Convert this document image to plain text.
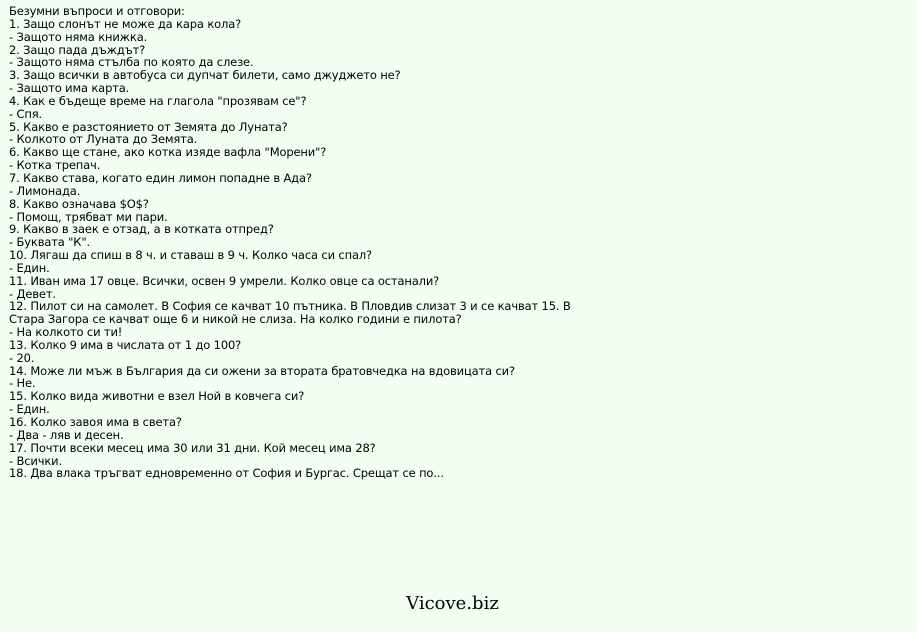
Безумни въпроси и отговори:
1. Защо слонът не може да кара кола?
- Защото няма книжка.
2. Защо пада дъждът?
- Защото няма стълба по която да слезе.
3. Защо всички в автобуса си дупчат билети, само джуджето не?
- Защото има карта.
4. Как е бъдеще време на глагола "прозявам се"?
- Спя.
5. Какво е разстоянието от Земята до Луната?
- Колкото от Луната до Земята.
6. Какво ще стане, ако котка изяде вафла "Морени"?
- Котка трепач.
7. Какво става, когато един лимон попадне в Ада?
- Лимонада.
8. Какво означава $О$?
- Помощ, трябват ми пари.
9. Какво в заек е отзад, а в котката отпред?
- Буквата "К".
10. Лягаш да спиш в 8 ч. и ставаш в 9 ч. Колко часа си спал?
- Един.
11. Иван има 17 овце. Всички, освен 9 умрели. Колко овце са останали?
- Девет.
12. Пилот си на самолет. В София се качват 10 пътника. В Пловдив слизат 3 и се качват 15. В
Стара Загора се качват още 6 и никой не слиза. На колко години е пилота?
- На колкото си ти!
13. Колко 9 има в числата от 1 до 100?
- 20.
14. Може ли мъж в България да си ожени за втората братовчедка на вдовицата си?
- Не.
15. Колко вида животни е взел Ной в ковчега си?
- Един.
16. Колко завоя има в света?
- Два - ляв и десен.
17. Почти всеки месец има 30 или 31 дни. Кой месец има 28?
- Всички.
18. Два влака тръгват едновременно от София и Бургас. Срещат се по...
Vicove.biz
